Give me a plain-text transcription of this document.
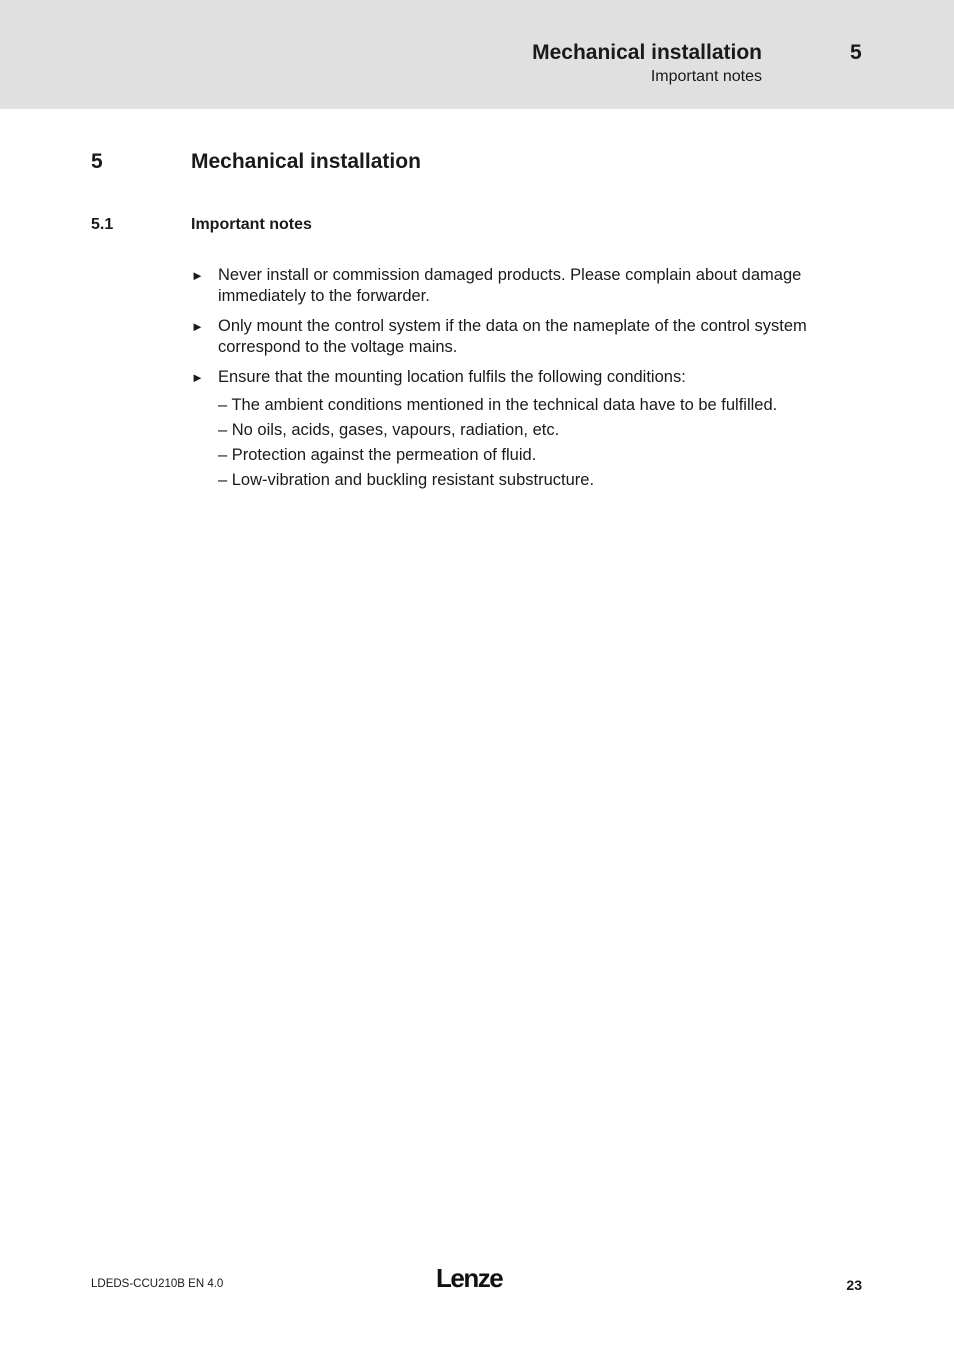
Mechanical installation
Important notes
5
5	Mechanical installation
5.1	Important notes
► Never install or commission damaged products. Please complain about damage immediately to the forwarder.
► Only mount the control system if the data on the nameplate of the control system correspond to the voltage mains.
► Ensure that the mounting location fulfils the following conditions:
– The ambient conditions mentioned in the technical data have to be fulfilled.
– No oils, acids, gases, vapours, radiation, etc.
– Protection against the permeation of fluid.
– Low-vibration and buckling resistant substructure.
LDEDS-CCU210B EN 4.0	Lenze	23
